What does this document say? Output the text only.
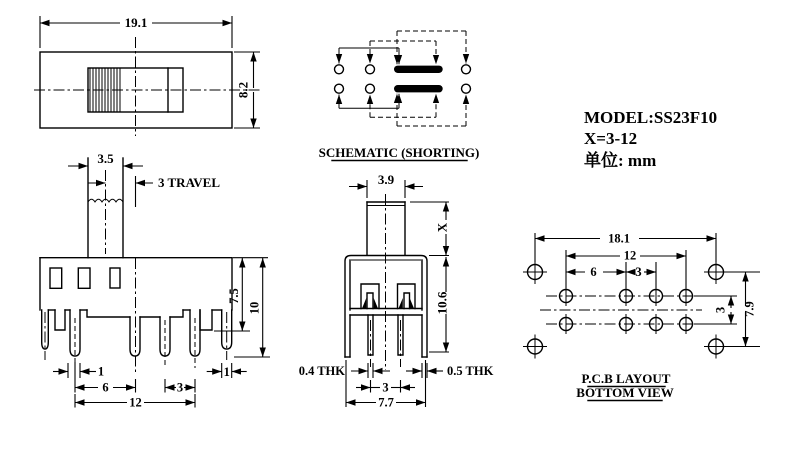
19.1
8.2
SCHEMATIC (SHORTING)
3.5
3 TRAVEL
7.5
10
1	1
6	3
12
3.9
X
10.6
0.4 THK	0.5 THK
3
7.7
18.1
12
6	3
3 7.9
P.C.B LAYOUT
BOTTOM VIEW
MODEL:SS23F10
X=3-12
单位: mm
